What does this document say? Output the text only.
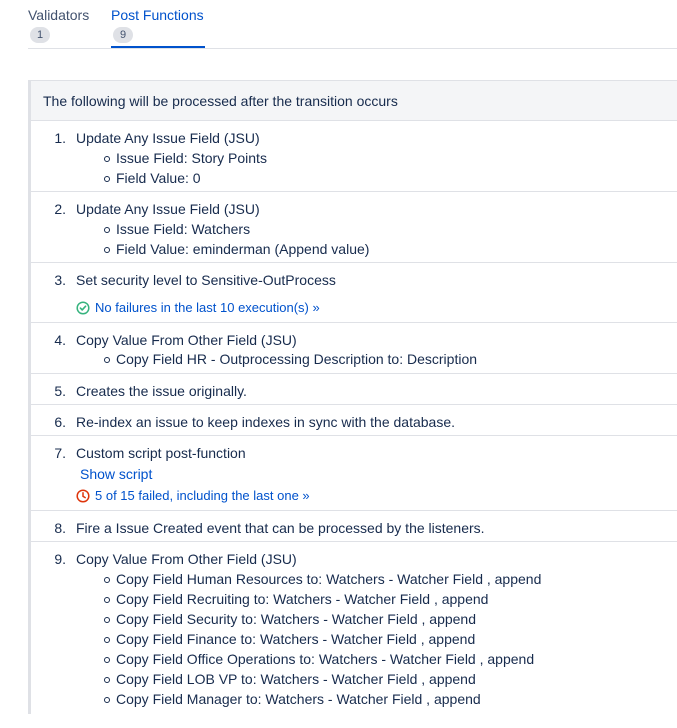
Validators
1
Post Functions
9
The following will be processed after the transition occurs
1. Update Any Issue Field (JSU)
Issue Field: Story Points
Field Value: 0
2. Update Any Issue Field (JSU)
Issue Field: Watchers
Field Value: eminderman (Append value)
3. Set security level to Sensitive-OutProcess
No failures in the last 10 execution(s) »
4. Copy Value From Other Field (JSU)
Copy Field HR - Outprocessing Description to: Description
5. Creates the issue originally.
6. Re-index an issue to keep indexes in sync with the database.
7. Custom script post-function
Show script
5 of 15 failed, including the last one »
8. Fire a Issue Created event that can be processed by the listeners.
9. Copy Value From Other Field (JSU)
Copy Field Human Resources to: Watchers - Watcher Field , append
Copy Field Recruiting to: Watchers - Watcher Field , append
Copy Field Security to: Watchers - Watcher Field , append
Copy Field Finance to: Watchers - Watcher Field , append
Copy Field Office Operations to: Watchers - Watcher Field , append
Copy Field LOB VP to: Watchers - Watcher Field , append
Copy Field Manager to: Watchers - Watcher Field , append
